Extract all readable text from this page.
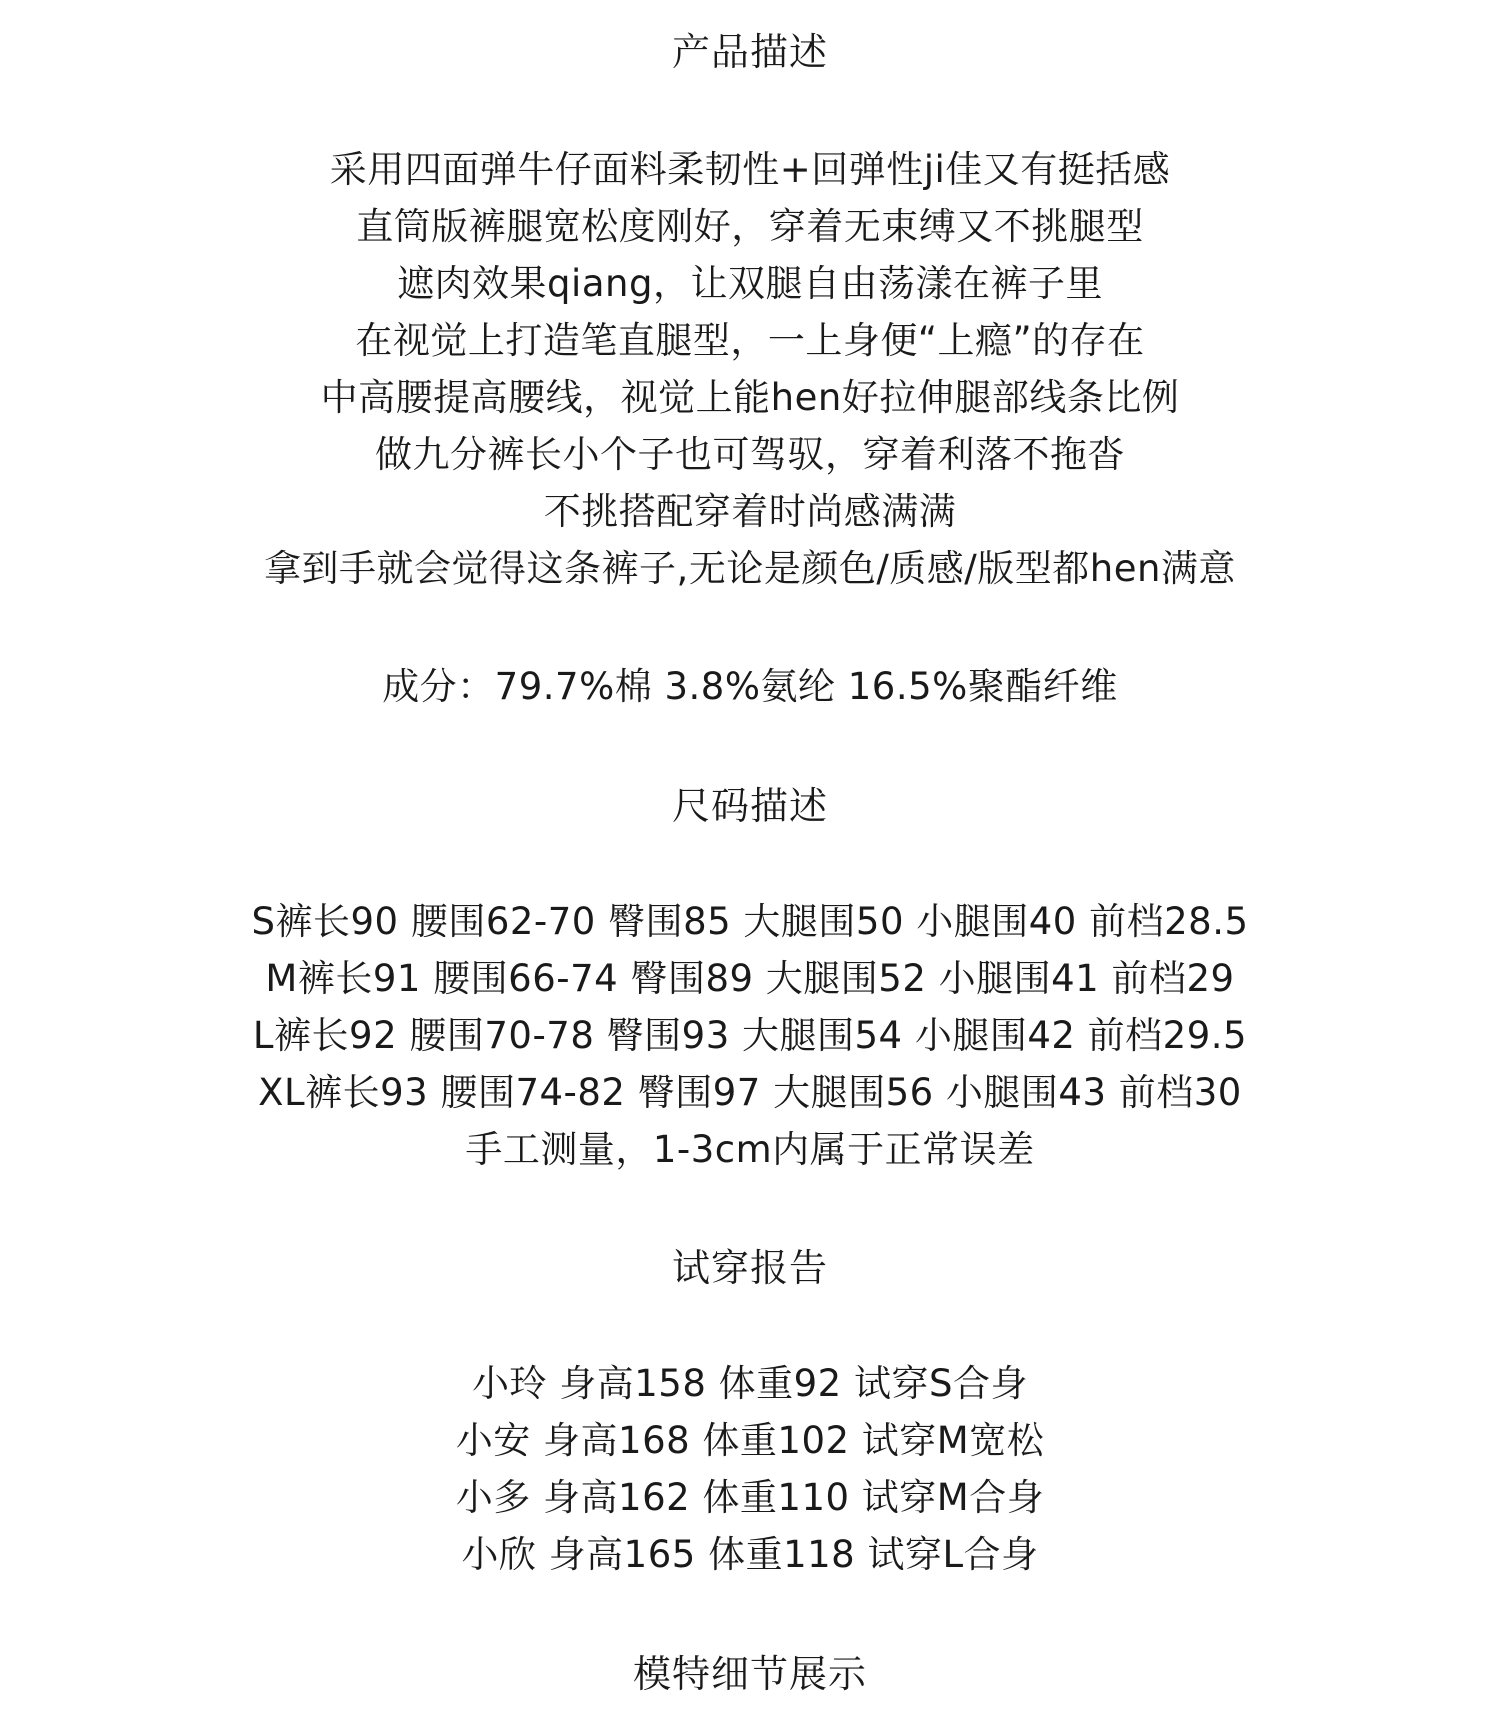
产品描述
采用四面弹牛仔面料柔韧性+回弹性ji佳又有挺括感
直筒版裤腿宽松度刚好，穿着无束缚又不挑腿型
遮肉效果qiang，让双腿自由荡漾在裤子里
在视觉上打造笔直腿型，一上身便“上瘾”的存在
中高腰提高腰线，视觉上能hen好拉伸腿部线条比例
做九分裤长小个子也可驾驭，穿着利落不拖沓
不挑搭配穿着时尚感满满
拿到手就会觉得这条裤子,无论是颜色/质感/版型都hen满意
成分：79.7%棉 3.8%氨纶 16.5%聚酯纤维
尺码描述
S裤长90 腰围62-70 臀围85 大腿围50 小腿围40 前档28.5
M裤长91 腰围66-74 臀围89 大腿围52 小腿围41 前档29
L裤长92 腰围70-78 臀围93 大腿围54 小腿围42 前档29.5
XL裤长93 腰围74-82 臀围97 大腿围56 小腿围43 前档30
手工测量，1-3cm内属于正常误差
试穿报告
小玲 身高158 体重92 试穿S合身
小安 身高168 体重102 试穿M宽松
小多 身高162 体重110 试穿M合身
小欣 身高165 体重118 试穿L合身
模特细节展示
